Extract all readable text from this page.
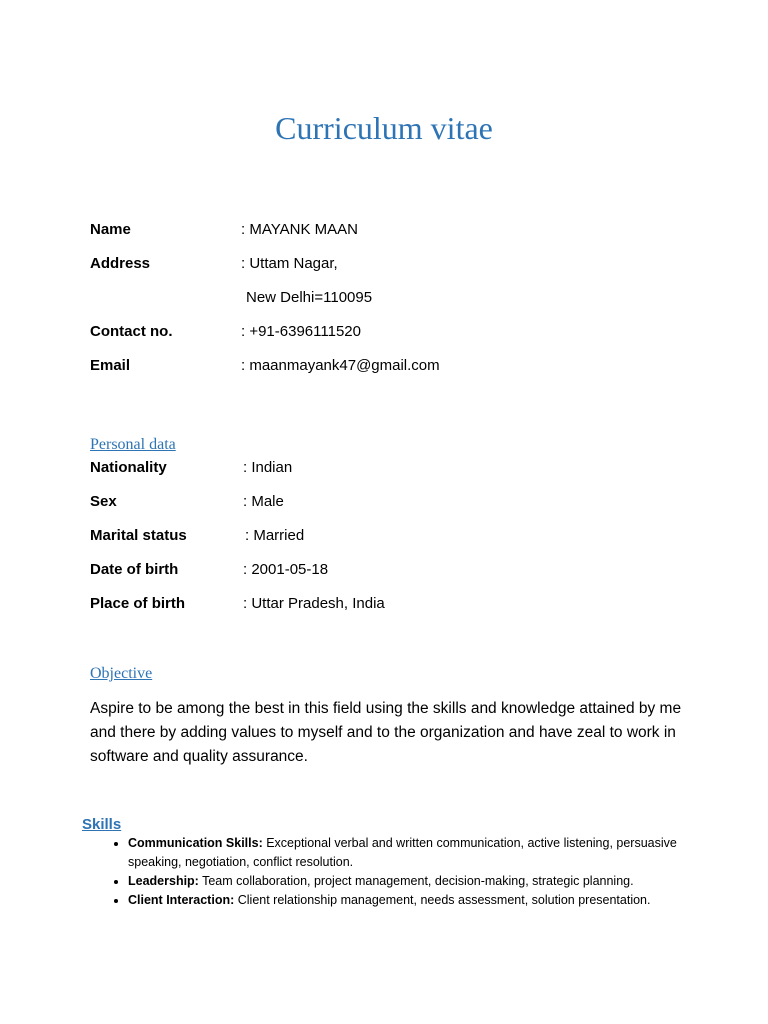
Curriculum vitae
Name	: MAYANK MAAN
Address	: Uttam Nagar,
New Delhi=110095
Contact no.	: +91-6396111520
Email	: maanmayank47@gmail.com
Personal data
Nationality	: Indian
Sex	: Male
Marital status	: Married
Date of birth	: 2001-05-18
Place of birth	: Uttar Pradesh, India
Objective
Aspire to be among the best in this field using the skills and knowledge attained by me and there by adding values to myself and to the organization and have zeal to work in software and quality assurance.
Skills
• Communication Skills: Exceptional verbal and written communication, active listening, persuasive speaking, negotiation, conflict resolution.
• Leadership: Team collaboration, project management, decision-making, strategic planning.
• Client Interaction: Client relationship management, needs assessment, solution presentation.
